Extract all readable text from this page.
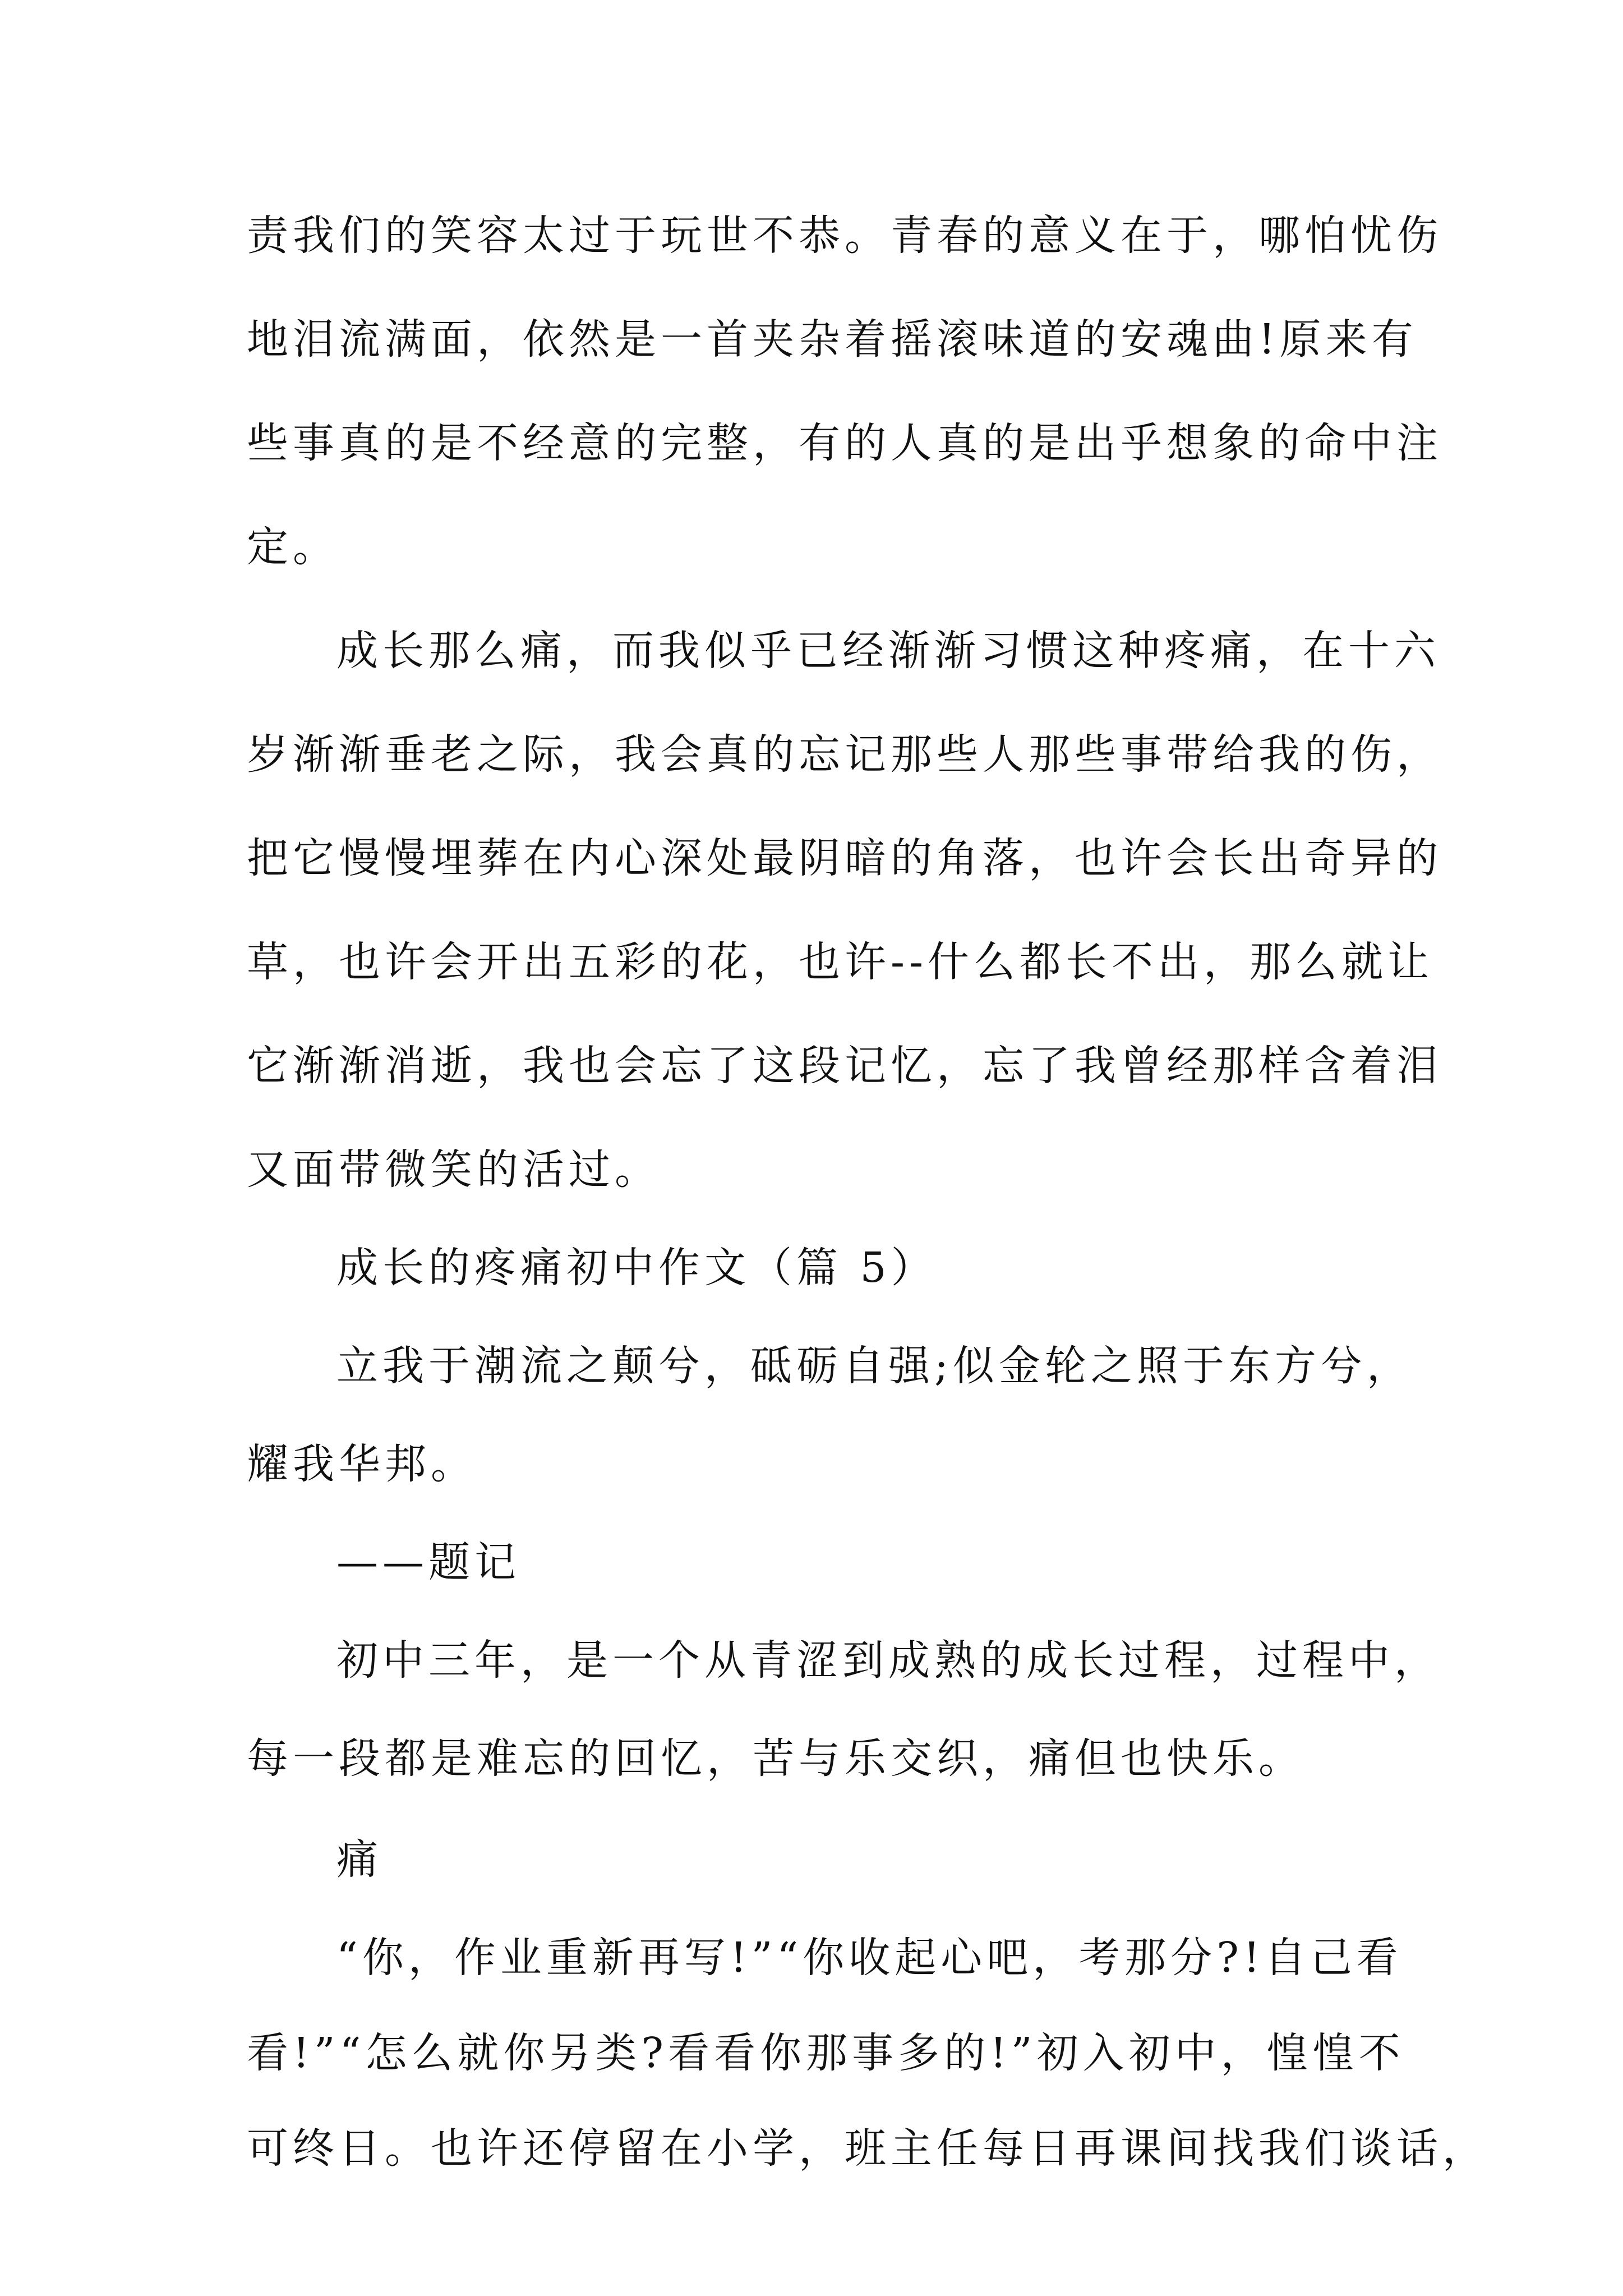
责我们的笑容太过于玩世不恭。青春的意义在于，哪怕忧伤

地泪流满面，依然是一首夹杂着摇滚味道的安魂曲!原来有

些事真的是不经意的完整，有的人真的是出乎想象的命中注

定。

成长那么痛，而我似乎已经渐渐习惯这种疼痛，在十六

岁渐渐垂老之际，我会真的忘记那些人那些事带给我的伤，

把它慢慢埋葬在内心深处最阴暗的角落，也许会长出奇异的

草，也许会开出五彩的花，也许--什么都长不出，那么就让

它渐渐消逝，我也会忘了这段记忆，忘了我曾经那样含着泪

又面带微笑的活过。

成长的疼痛初中作文（篇 5）

立我于潮流之颠兮，砥砺自强;似金轮之照于东方兮，

耀我华邦。

——题记

初中三年，是一个从青涩到成熟的成长过程，过程中，

每一段都是难忘的回忆，苦与乐交织，痛但也快乐。

痛

“你，作业重新再写!”“你收起心吧，考那分?!自己看

看!”“怎么就你另类?看看你那事多的!”初入初中，惶惶不

可终日。也许还停留在小学，班主任每日再课间找我们谈话，
